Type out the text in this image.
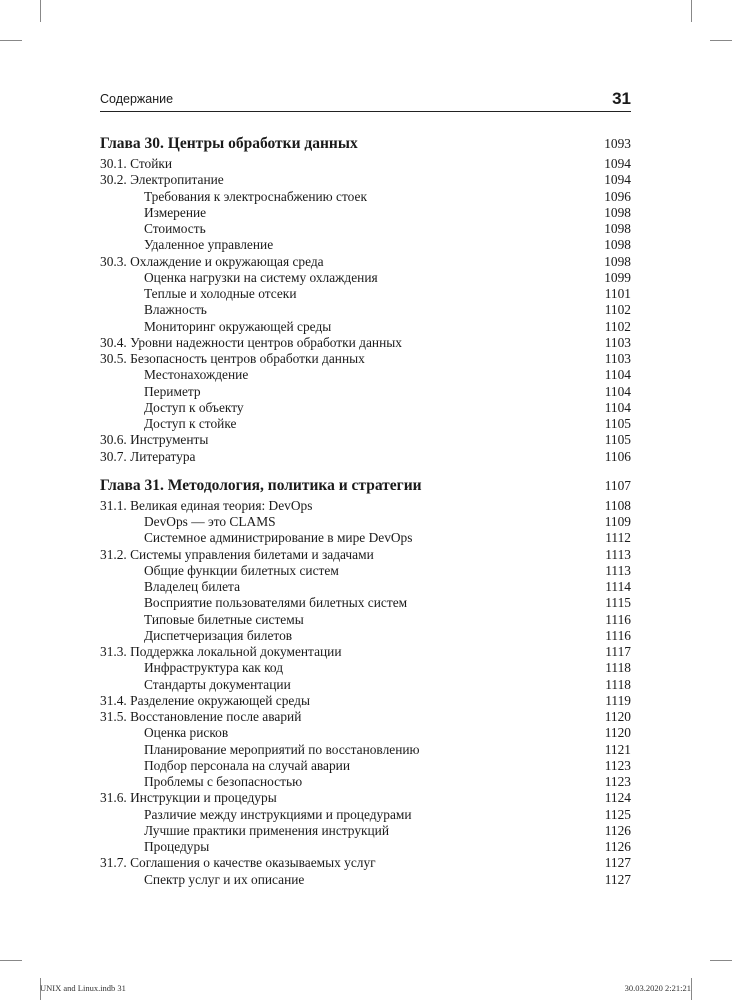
Содержание	31
Глава 30. Центры обработки данных	1093
30.1. Стойки	1094
30.2. Электропитание	1094
Требования к электроснабжению стоек	1096
Измерение	1098
Стоимость	1098
Удаленное управление	1098
30.3. Охлаждение и окружающая среда	1098
Оценка нагрузки на систему охлаждения	1099
Теплые и холодные отсеки	1101
Влажность	1102
Мониторинг окружающей среды	1102
30.4. Уровни надежности центров обработки данных	1103
30.5. Безопасность центров обработки данных	1103
Местонахождение	1104
Периметр	1104
Доступ к объекту	1104
Доступ к стойке	1105
30.6. Инструменты	1105
30.7. Литература	1106
Глава 31. Методология, политика и стратегии	1107
31.1. Великая единая теория: DevOps	1108
DevOps — это CLAMS	1109
Системное администрирование в мире DevOps	1112
31.2. Системы управления билетами и задачами	1113
Общие функции билетных систем	1113
Владелец билета	1114
Восприятие пользователями билетных систем	1115
Типовые билетные системы	1116
Диспетчеризация билетов	1116
31.3. Поддержка локальной документации	1117
Инфраструктура как код	1118
Стандарты документации	1118
31.4. Разделение окружающей среды	1119
31.5. Восстановление после аварий	1120
Оценка рисков	1120
Планирование мероприятий по восстановлению	1121
Подбор персонала на случай аварии	1123
Проблемы с безопасностью	1123
31.6. Инструкции и процедуры	1124
Различие между инструкциями и процедурами	1125
Лучшие практики применения инструкций	1126
Процедуры	1126
31.7. Соглашения о качестве оказываемых услуг	1127
Спектр услуг и их описание	1127
UNIX and Linux.indb 31	30.03.2020 2:21:21
